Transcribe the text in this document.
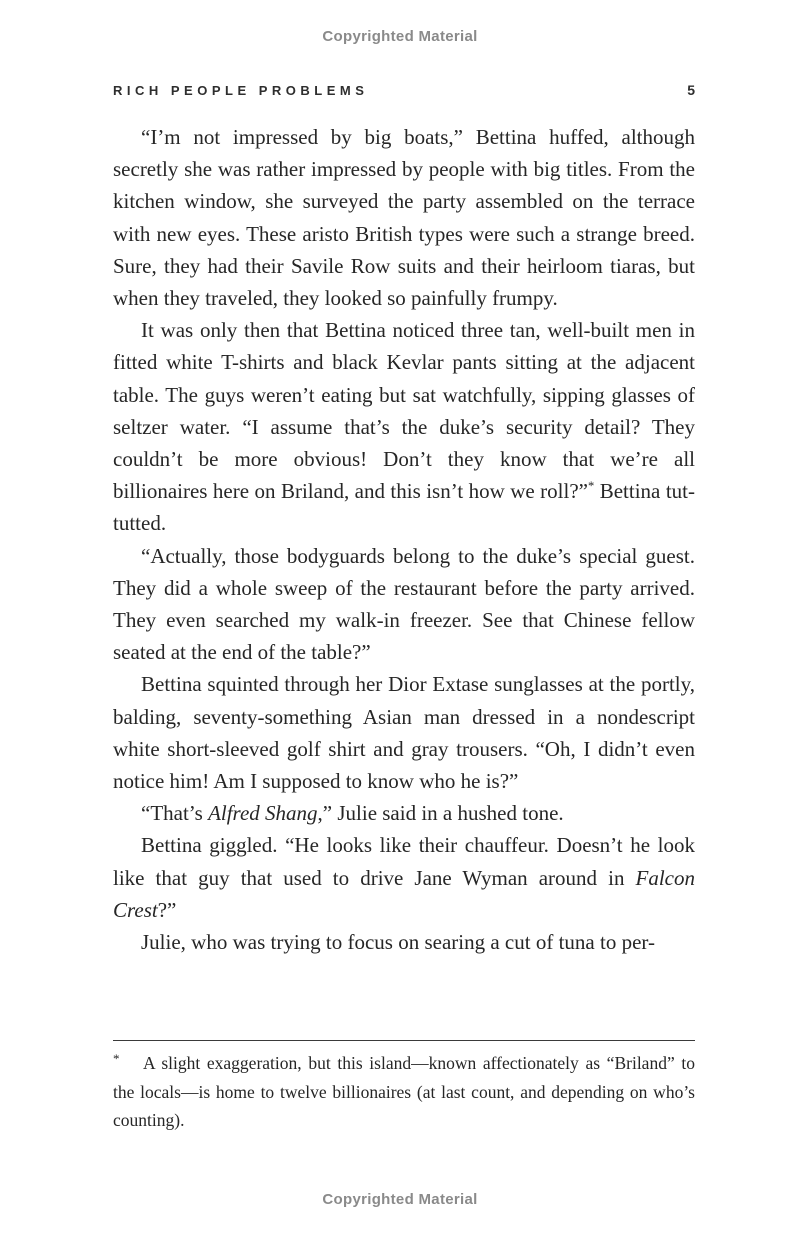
Copyrighted Material
RICH PEOPLE PROBLEMS	5

“I’m not impressed by big boats,” Bettina huffed, although secretly she was rather impressed by people with big titles. From the kitchen window, she surveyed the party assembled on the terrace with new eyes. These aristo British types were such a strange breed. Sure, they had their Savile Row suits and their heirloom tiaras, but when they traveled, they looked so painfully frumpy.

It was only then that Bettina noticed three tan, well-built men in fitted white T-shirts and black Kevlar pants sitting at the adjacent table. The guys weren’t eating but sat watchfully, sipping glasses of seltzer water. “I assume that’s the duke’s security detail? They couldn’t be more obvious! Don’t they know that we’re all billionaires here on Briland, and this isn’t how we roll?”* Bettina tut-tutted.

“Actually, those bodyguards belong to the duke’s special guest. They did a whole sweep of the restaurant before the party arrived. They even searched my walk-in freezer. See that Chinese fellow seated at the end of the table?”

Bettina squinted through her Dior Extase sunglasses at the portly, balding, seventy-something Asian man dressed in a nondescript white short-sleeved golf shirt and gray trousers. “Oh, I didn’t even notice him! Am I supposed to know who he is?”

“That’s Alfred Shang,” Julie said in a hushed tone.

Bettina giggled. “He looks like their chauffeur. Doesn’t he look like that guy that used to drive Jane Wyman around in Falcon Crest?”

Julie, who was trying to focus on searing a cut of tuna to per-

* A slight exaggeration, but this island—known affectionately as “Briland” to the locals—is home to twelve billionaires (at last count, and depending on who’s counting).

Copyrighted Material
